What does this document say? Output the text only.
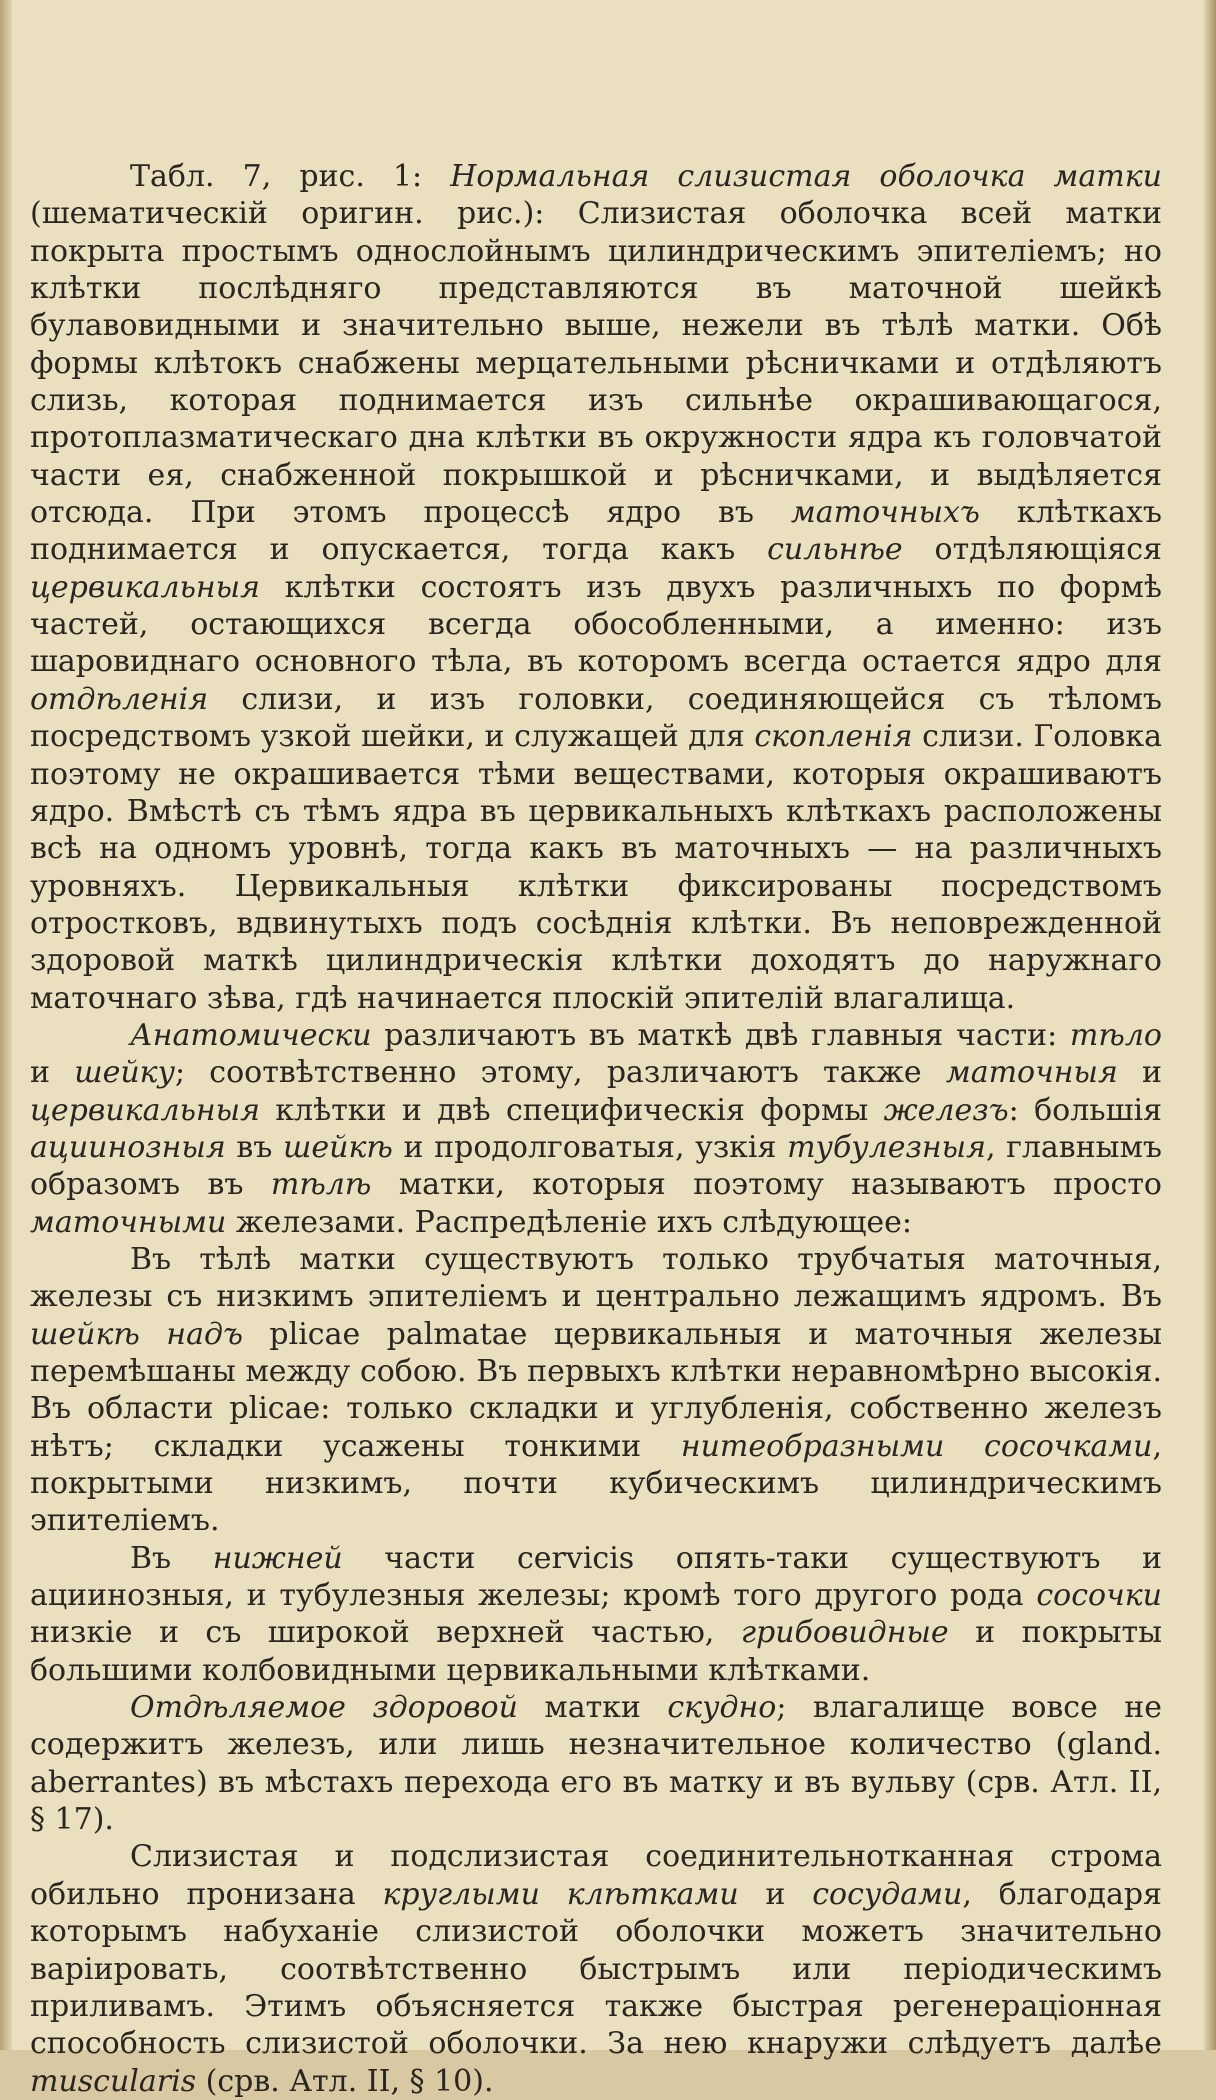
Табл. 7, рис. 1: Нормальная слизистая оболочка матки (шематическій оригин. рис.): Слизистая оболочка всей матки покрыта простымъ однослойнымъ цилиндрическимъ эпителіемъ; но клѣтки послѣдняго представляются въ маточной шейкѣ булавовидными и значительно выше, нежели въ тѣлѣ матки. Обѣ формы клѣтокъ снабжены мерцательными рѣсничками и отдѣляютъ слизь, которая поднимается изъ сильнѣе окрашивающагося, протоплазматическаго дна клѣтки въ окружности ядра къ головчатой части ея, снабженной покрышкой и рѣсничками, и выдѣляется отсюда. При этомъ процессѣ ядро въ маточныхъ клѣткахъ поднимается и опускается, тогда какъ сильнѣе отдѣляющіяся цервикальныя клѣтки состоятъ изъ двухъ различныхъ по формѣ частей, остающихся всегда обособленными, а именно: изъ шаровиднаго основного тѣла, въ которомъ всегда остается ядро для отдѣленія слизи, и изъ головки, соединяющейся съ тѣломъ посредствомъ узкой шейки, и служащей для скопленія слизи. Головка поэтому не окрашивается тѣми веществами, которыя окрашиваютъ ядро. Вмѣстѣ съ тѣмъ ядра въ цервикальныхъ клѣткахъ расположены всѣ на одномъ уровнѣ, тогда какъ въ маточныхъ — на различныхъ уровняхъ. Цервикальныя клѣтки фиксированы посредствомъ отростковъ, вдвинутыхъ подъ сосѣднія клѣтки. Въ неповрежденной здоровой маткѣ цилиндрическія клѣтки доходятъ до наружнаго маточнаго зѣва, гдѣ начинается плоскій эпителій влагалища.

Анатомически различаютъ въ маткѣ двѣ главныя части: тѣло и шейку; соотвѣтственно этому, различаютъ также маточныя и цервикальныя клѣтки и двѣ специфическія формы железъ: большія ациинозныя въ шейкѣ и продолговатыя, узкія тубулезныя, главнымъ образомъ въ тѣлѣ матки, которыя поэтому называютъ просто маточными железами. Распредѣленіе ихъ слѣдующее:

Въ тѣлѣ матки существуютъ только трубчатыя маточныя, железы съ низкимъ эпителіемъ и центрально лежащимъ ядромъ. Въ шейкѣ надъ plicae palmatae цервикальныя и маточныя железы перемѣшаны между собою. Въ первыхъ клѣтки неравномѣрно высокія. Въ области plicae: только складки и углубленія, собственно железъ нѣтъ; складки усажены тонкими нитеобразными сосочками, покрытыми низкимъ, почти кубическимъ цилиндрическимъ эпителіемъ.

Въ нижней части cervicis опять-таки существуютъ и ациинозныя, и тубулезныя железы; кромѣ того другого рода сосочки низкіе и съ широкой верхней частью, грибовидные и покрыты большими колбовидными цервикальными клѣтками.

Отдѣляемое здоровой матки скудно; влагалище вовсе не содержитъ железъ, или лишь незначительное количество (gland. aberrantes) въ мѣстахъ перехода его въ матку и въ вульву (срв. Атл. II, § 17).

Слизистая и подслизистая соединительнотканная строма обильно пронизана круглыми клѣтками и сосудами, благодаря которымъ набуханіе слизистой оболочки можетъ значительно варіировать, соотвѣтственно быстрымъ или періодическимъ приливамъ. Этимъ объясняется также быстрая регенераціонная способность слизистой оболочки. За нею кнаружи слѣдуетъ далѣе muscularis (срв. Атл. II, § 10).
